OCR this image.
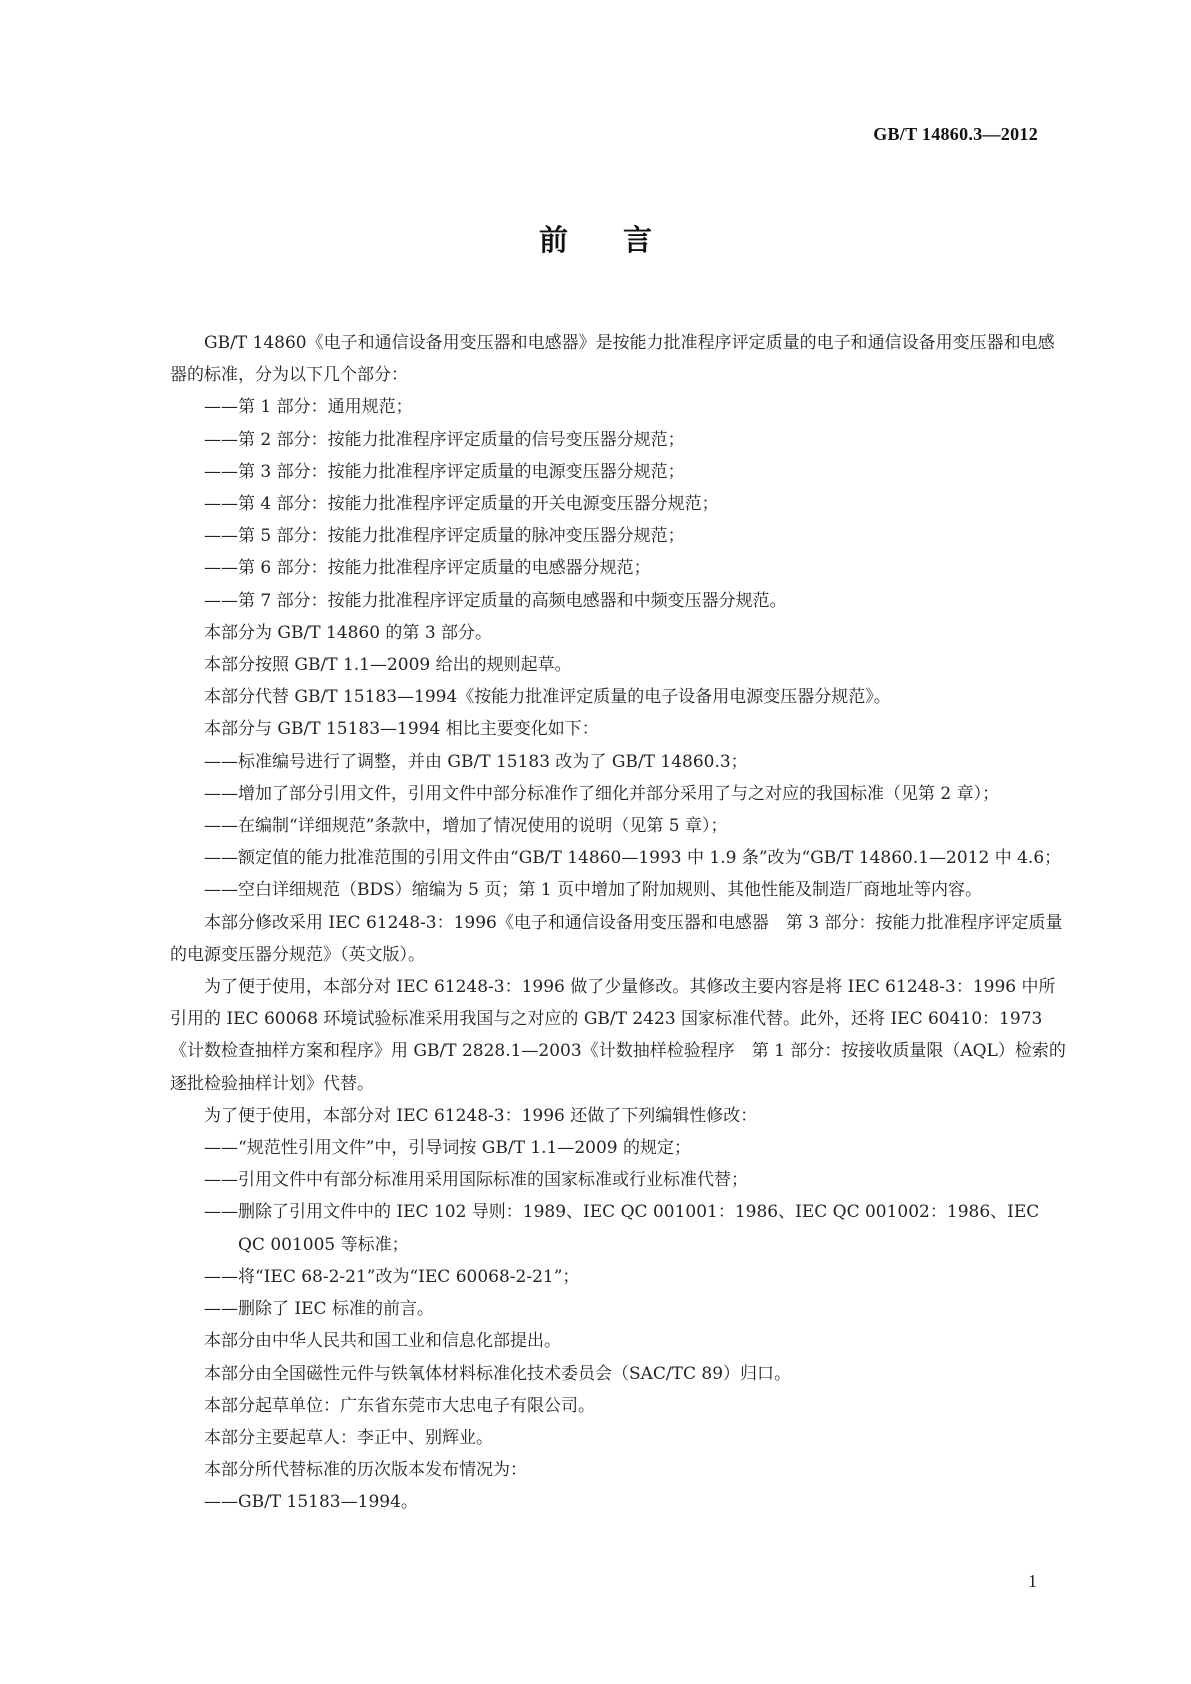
GB/T 14860.3—2012
前言

GB/T 14860《电子和通信设备用变压器和电感器》是按能力批准程序评定质量的电子和通信设备用变压器和电感器的标准，分为以下几个部分：

——第 1 部分：通用规范；

——第 2 部分：按能力批准程序评定质量的信号变压器分规范；

——第 3 部分：按能力批准程序评定质量的电源变压器分规范；

——第 4 部分：按能力批准程序评定质量的开关电源变压器分规范；

——第 5 部分：按能力批准程序评定质量的脉冲变压器分规范；

——第 6 部分：按能力批准程序评定质量的电感器分规范；

——第 7 部分：按能力批准程序评定质量的高频电感器和中频变压器分规范。

本部分为 GB/T 14860 的第 3 部分。

本部分按照 GB/T 1.1—2009 给出的规则起草。

本部分代替 GB/T 15183—1994《按能力批准评定质量的电子设备用电源变压器分规范》。

本部分与 GB/T 15183—1994 相比主要变化如下：

——标准编号进行了调整，并由 GB/T 15183 改为了 GB/T 14860.3；

——增加了部分引用文件，引用文件中部分标准作了细化并部分采用了与之对应的我国标准（见第 2 章）；

——在编制“详细规范”条款中，增加了情况使用的说明（见第 5 章）；

——额定值的能力批准范围的引用文件由“GB/T 14860—1993 中 1.9 条”改为“GB/T 14860.1—2012 中 4.6；

——空白详细规范（BDS）缩编为 5 页；第 1 页中增加了附加规则、其他性能及制造厂商地址等内容。

本部分修改采用 IEC 61248-3：1996《电子和通信设备用变压器和电感器　第 3 部分：按能力批准程序评定质量的电源变压器分规范》（英文版）。

为了便于使用，本部分对 IEC 61248-3：1996 做了少量修改。其修改主要内容是将 IEC 61248-3：1996 中所引用的 IEC 60068 环境试验标准采用我国与之对应的 GB/T 2423 国家标准代替。此外，还将 IEC 60410：1973《计数检查抽样方案和程序》用 GB/T 2828.1—2003《计数抽样检验程序　第 1 部分：按接收质量限（AQL）检索的逐批检验抽样计划》代替。

为了便于使用，本部分对 IEC 61248-3：1996 还做了下列编辑性修改：

——“规范性引用文件”中，引导词按 GB/T 1.1—2009 的规定；

——引用文件中有部分标准用采用国际标准的国家标准或行业标准代替；

——删除了引用文件中的 IEC 102 导则：1989、IEC QC 001001：1986、IEC QC 001002：1986、IEC QC 001005 等标准；

——将“IEC 68-2-21”改为“IEC 60068-2-21”；

——删除了 IEC 标准的前言。

本部分由中华人民共和国工业和信息化部提出。

本部分由全国磁性元件与铁氧体材料标准化技术委员会（SAC/TC 89）归口。

本部分起草单位：广东省东莞市大忠电子有限公司。

本部分主要起草人：李正中、别辉业。

本部分所代替标准的历次版本发布情况为：

——GB/T 15183—1994。

1
